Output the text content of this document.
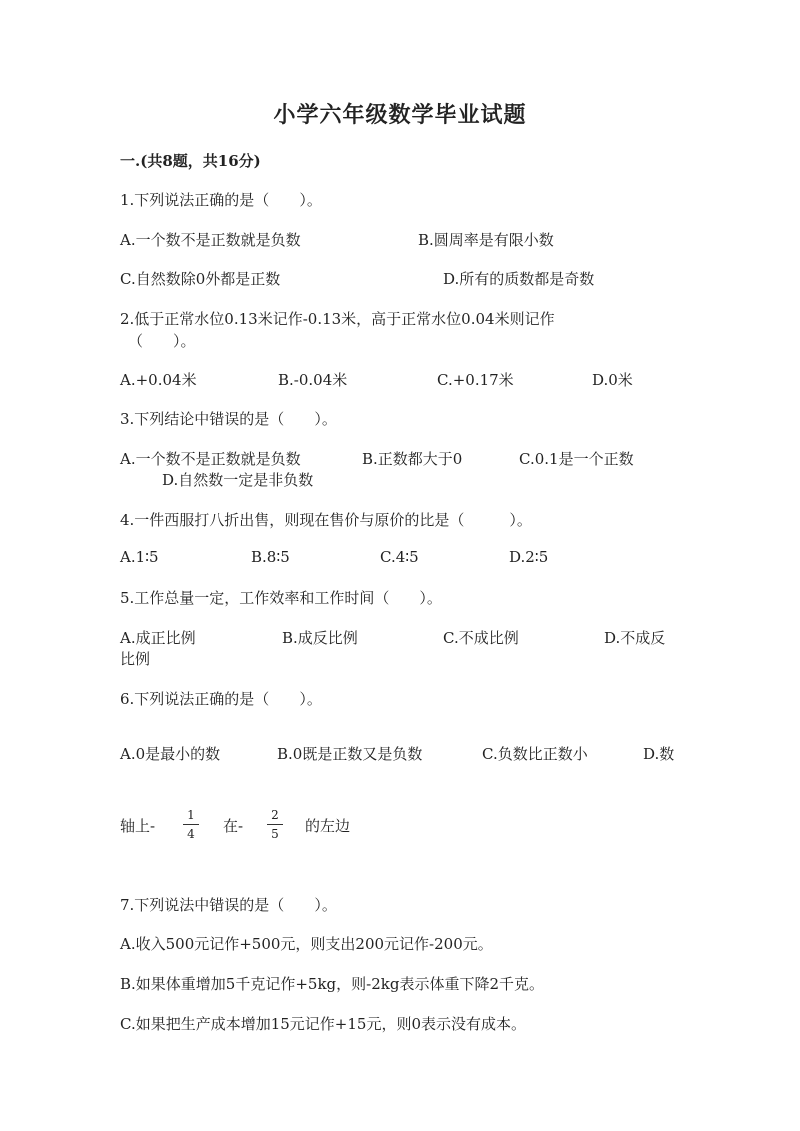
小学六年级数学毕业试题
一.(共8题，共16分)
1.下列说法正确的是（　　）。
A.一个数不是正数就是负数	B.圆周率是有限小数
C.自然数除0外都是正数	D.所有的质数都是奇数
2.低于正常水位0.13米记作-0.13米，高于正常水位0.04米则记作
（　　）。
A.+0.04米	B.-0.04米	C.+0.17米	D.0米
3.下列结论中错误的是（　　）。
A.一个数不是正数就是负数	B.正数都大于0	C.0.1是一个正数
D.自然数一定是非负数
4.一件西服打八折出售，则现在售价与原价的比是（　　　）。
A.1∶5	B.8∶5	C.4∶5	D.2∶5
5.工作总量一定，工作效率和工作时间（　　）。
A.成正比例	B.成反比例	C.不成比例	D.不成反
比例
6.下列说法正确的是（　　）。
A.0是最小的数	B.0既是正数又是负数	C.负数比正数小	D.数
轴上-
1
4 在-
2
5 的左边
7.下列说法中错误的是（　　）。
A.收入500元记作+500元，则支出200元记作-200元。
B.如果体重增加5千克记作+5kg，则-2kg表示体重下降2千克。
C.如果把生产成本增加15元记作+15元，则0表示没有成本。
